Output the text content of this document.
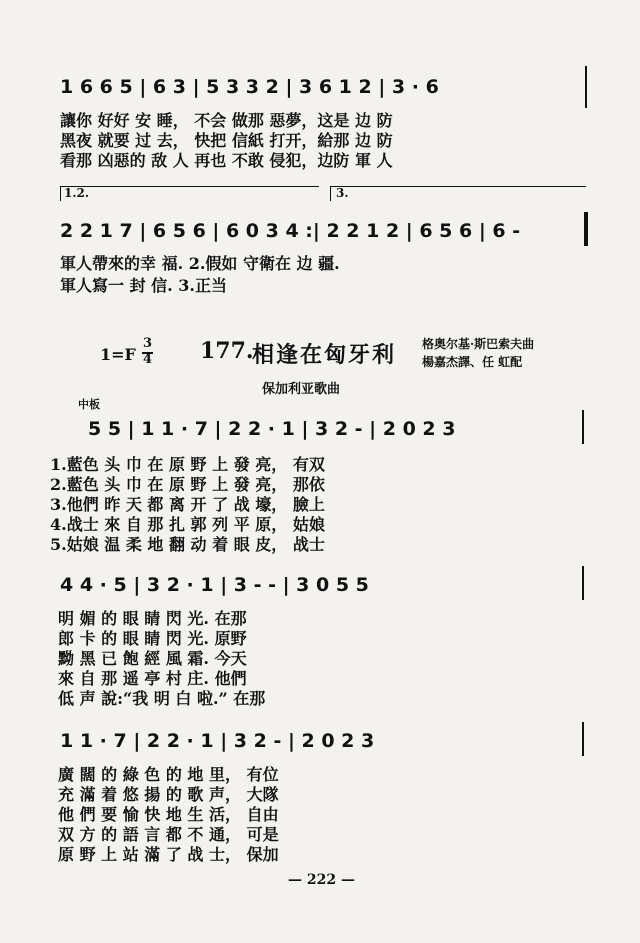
1 6 6 5 | 6 3 | 5 3 3 2 | 3 6 1 2 | 3 · 6
讓你 好好 安 睡， 不会 做那 惡夢，这是 边 防
黑夜 就要 过 去， 快把 信紙 打开，給那 边 防
看那 凶惡的 敌 人 再也 不敢 侵犯，边防 軍 人
1.2.	3.
2 2 1 7 | 6 5 6 | 6 0 3 4 :| 2 2 1 2 | 6 5 6 | 6 -
軍人帶來的幸 福. 2.假如 守衛在 边 疆.
軍人寫一 封 信. 3.正当
1=F
3
4 177.
相逢在匈牙利 格奥尔基·斯巴索夫曲
楊嘉杰譯、任 虹配
保加利亚歌曲
中板
5 5 | 1 1 · 7 | 2 2 · 1 | 3 2 - | 2 0 2 3
1.藍色 头 巾 在 原 野 上 發 亮， 有双
2.藍色 头 巾 在 原 野 上 發 亮， 那依
3.他們 昨 天 都 离 开 了 战 壕， 臉上
4.战士 來 自 那 扎 郭 列 平 原， 姑娘
5.姑娘 温 柔 地 翻 动 着 眼 皮， 战士
4 4 · 5 | 3 2 · 1 | 3 - - | 3 0 5 5
明 媚 的 眼 睛 閃 光. 在那
郎 卡 的 眼 睛 閃 光. 原野
黝 黑 已 飽 經 風 霜. 今天
來 自 那 遥 亭 村 庄. 他們
低 声 說:“我 明 白 啦.” 在那
1 1 · 7 | 2 2 · 1 | 3 2 - | 2 0 2 3
廣 闊 的 綠 色 的 地 里， 有位
充 滿 着 悠 揚 的 歌 声， 大隊
他 們 要 愉 快 地 生 活， 自由
双 方 的 語 言 都 不 通， 可是
原 野 上 站 滿 了 战 士， 保加
— 222 —
